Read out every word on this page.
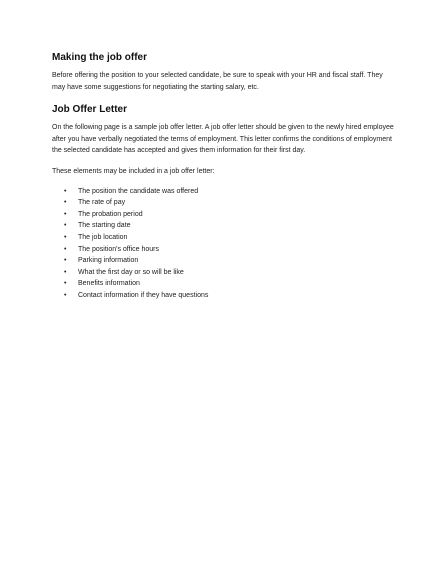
Making the job offer

Before offering the position to your selected candidate, be sure to speak with your HR and fiscal staff. They may have some suggestions for negotiating the starting salary, etc.

Job Offer Letter

On the following page is a sample job offer letter. A job offer letter should be given to the newly hired employee after you have verbally negotiated the terms of employment. This letter confirms the conditions of employment the selected candidate has accepted and gives them information for their first day.

These elements may be included in a job offer letter:

• The position the candidate was offered
• The rate of pay
• The probation period
• The starting date
• The job location
• The position's office hours
• Parking information
• What the first day or so will be like
• Benefits information
• Contact information if they have questions
